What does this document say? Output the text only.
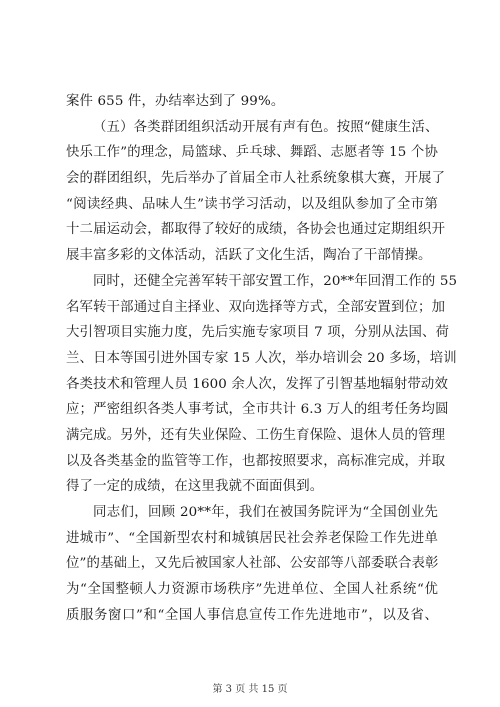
案件 655 件，办结率达到了 99%。
（五）各类群团组织活动开展有声有色。按照“健康生活、
快乐工作”的理念，局篮球、乒乓球、舞蹈、志愿者等 15 个协
会的群团组织，先后举办了首届全市人社系统象棋大赛，开展了
“阅读经典、品味人生”读书学习活动，以及组队参加了全市第
十二届运动会，都取得了较好的成绩，各协会也通过定期组织开
展丰富多彩的文体活动，活跃了文化生活，陶冶了干部情操。
同时，还健全完善军转干部安置工作，20**年回渭工作的 55
名军转干部通过自主择业、双向选择等方式，全部安置到位；加
大引智项目实施力度，先后实施专家项目 7 项，分别从法国、荷
兰、日本等国引进外国专家 15 人次，举办培训会 20 多场，培训
各类技术和管理人员 1600 余人次，发挥了引智基地辐射带动效
应；严密组织各类人事考试，全市共计 6.3 万人的组考任务均圆
满完成。另外，还有失业保险、工伤生育保险、退休人员的管理
以及各类基金的监管等工作，也都按照要求，高标准完成，并取
得了一定的成绩，在这里我就不面面俱到。
同志们，回顾 20**年，我们在被国务院评为“全国创业先
进城市”、“全国新型农村和城镇居民社会养老保险工作先进单
位”的基础上，又先后被国家人社部、公安部等八部委联合表彰
为“全国整顿人力资源市场秩序”先进单位、全国人社系统“优
质服务窗口”和“全国人事信息宣传工作先进地市”，以及省、
第 3 页 共 15 页
